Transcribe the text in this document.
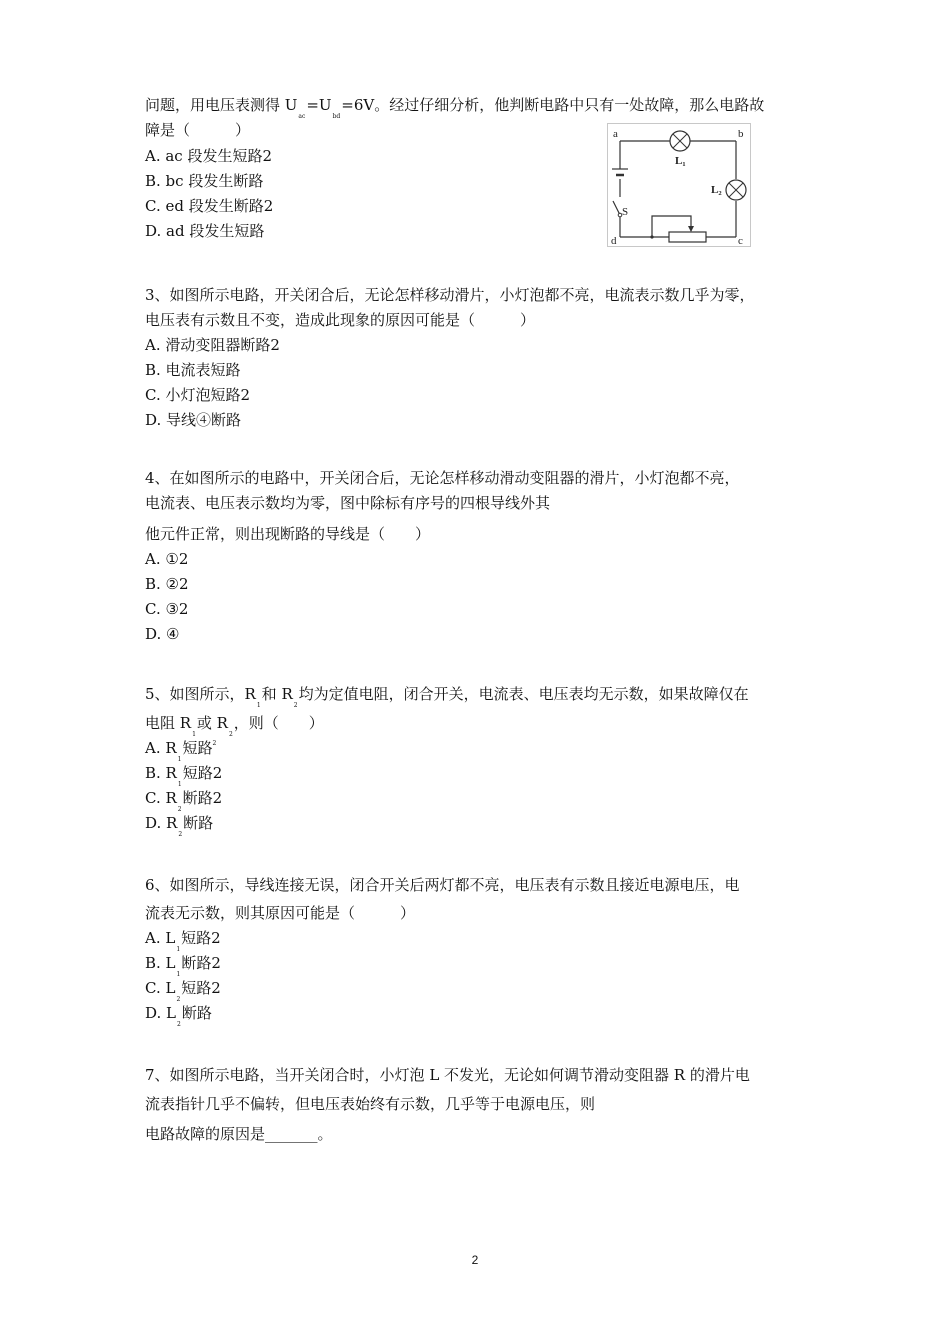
问题，用电压表测得 $U_{ac}=U_{bd}=6V$。经过仔细分析，他判断电路中只有一处故障，那么电路故
障是（　　　）
A. ac 段发生短路2
B. bc 段发生断路
C. ed 段发生断路2
D. ad 段发生短路
a	b
c
d
L₁
L₂
S
3、如图所示电路，开关闭合后，无论怎样移动滑片，小灯泡都不亮，电流表示数几乎为零，
电压表有示数且不变，造成此现象的原因可能是（　　　）
A. 滑动变阻器断路2
B. 电流表短路
C. 小灯泡短路2
D. 导线④断路
4、在如图所示的电路中，开关闭合后，无论怎样移动滑动变阻器的滑片，小灯泡都不亮，
电流表、电压表示数均为零，图中除标有序号的四根导线外其
他元件正常，则出现断路的导线是（　　）
A. ①2
B. ②2
C. ③2
D. ④
5、如图所示，$R_1$和 $R_2$均为定值电阻，闭合开关，电流表、电压表均无示数，如果故障仅在
电阻 $R_1$或 $R_2$，则（　　）
A. $R_1$短路$^2$
B. $R_1$短路2
C. $R_2$断路2
D. $R_2$断路
6、如图所示，导线连接无误，闭合开关后两灯都不亮，电压表有示数且接近电源电压，电
流表无示数，则其原因可能是（　　　）
A. $L_1$短路2
B. $L_1$断路2
C. $L_2$短路2
D. $L_2$断路
7、如图所示电路，当开关闭合时，小灯泡 L 不发光，无论如何调节滑动变阻器 R 的滑片电
流表指针几乎不偏转，但电压表始终有示数，几乎等于电源电压，则
电路故障的原因是_______。
2
